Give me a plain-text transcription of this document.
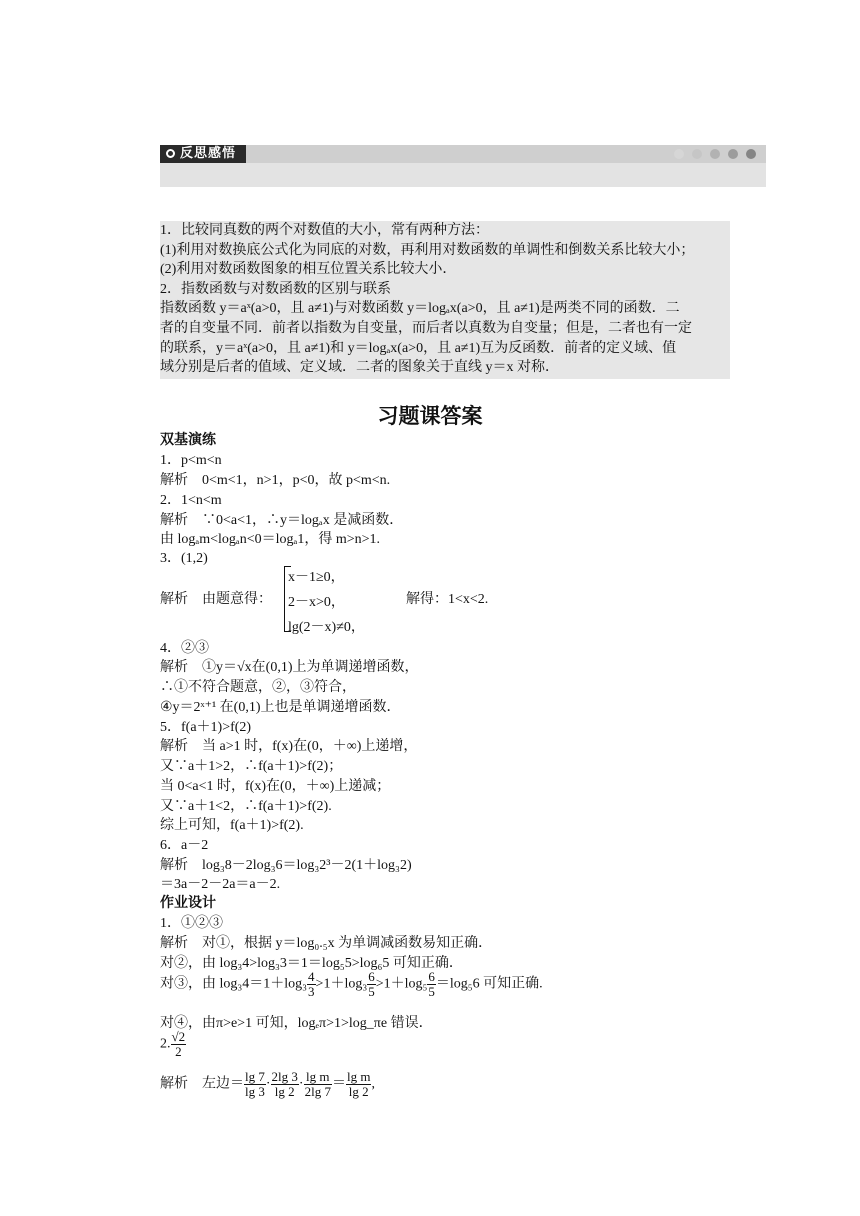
反思感悟
1．比较同真数的两个对数值的大小，常有两种方法：
(1)利用对数换底公式化为同底的对数，再利用对数函数的单调性和倒数关系比较大小；
(2)利用对数函数图象的相互位置关系比较大小．
2．指数函数与对数函数的区别与联系
指数函数 y＝aˣ(a>0，且 a≠1)与对数函数 y＝logₐx(a>0，且 a≠1)是两类不同的函数．二
者的自变量不同．前者以指数为自变量，而后者以真数为自变量；但是，二者也有一定
的联系，y＝aˣ(a>0，且 a≠1)和 y＝logₐx(a>0，且 a≠1)互为反函数．前者的定义域、值
域分别是后者的值域、定义域．二者的图象关于直线 y＝x 对称．
习题课答案
双基演练
1．p<m<n
解析　0<m<1，n>1，p<0，故 p<m<n.
2．1<n<m
解析　∵0<a<1，∴y＝logₐx 是减函数．
由 logₐm<logₐn<0＝logₐ1，得 m>n>1.
3．(1,2)
解析　由题意得：
x－1≥0，
2－x>0，
lg(2－x)≠0，
解得：1<x<2.
4．②③
解析　①y＝√x在(0,1)上为单调递增函数，
∴①不符合题意，②，③符合，
④y＝2ˣ⁺¹ 在(0,1)上也是单调递增函数．
5．f(a＋1)>f(2)
解析　当 a>1 时，f(x)在(0，＋∞)上递增，
又∵a＋1>2，∴f(a＋1)>f(2)；
当 0<a<1 时，f(x)在(0，＋∞)上递减；
又∵a＋1<2，∴f(a＋1)>f(2).
综上可知，f(a＋1)>f(2).
6．a－2
解析　log₃8－2log₃6＝log₃2³－2(1＋log₃2)
＝3a－2－2a＝a－2.
作业设计
1．①②③
解析　对①，根据 y＝log₀.₅x 为单调减函数易知正确．
对②，由 log₃4>log₃3＝1＝log₅5>log₆5 可知正确．
对③，由 $\log_34=1+\log_3 \frac{4}{3} >1+\log_3 \frac{6}{5} >1+\log_5 \frac{6}{5} =\log_56$ 可知正确.
对④，由π>e>1 可知，logₑπ>1>log_πe 错误．
2. $\frac{√2}{2}$
解析　左边＝ $\frac{\lg 7}{\lg 3} \cdot \frac{2\lg 3}{\lg 2} \cdot \frac{\text{lg m}}{2\lg 7} = \frac{\text{lg m}}{\lg 2}$ ,
